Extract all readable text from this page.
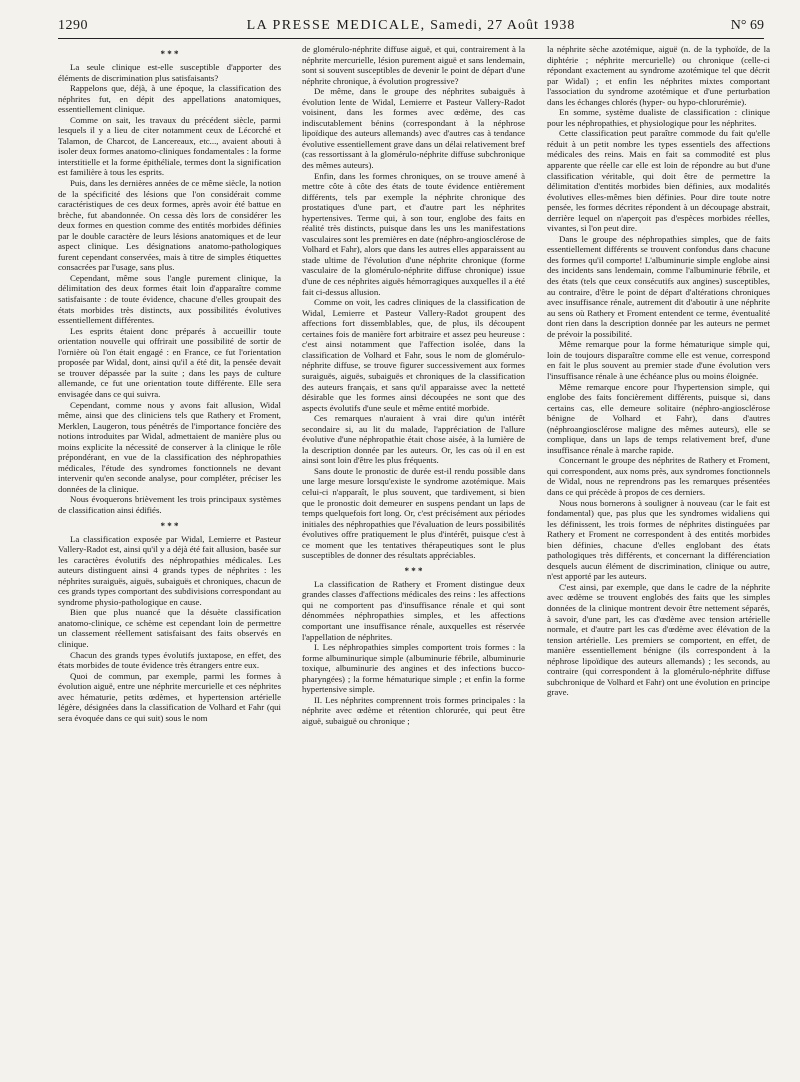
1290	LA PRESSE MEDICALE, Samedi, 27 Août 1938	N° 69
* * *

La seule clinique est-elle susceptible d'apporter des éléments de discrimination plus satisfaisants?

Rappelons que, déjà, à une époque, la classification des néphrites fut, en dépit des appellations anatomiques, essentiellement clinique.

Comme on sait, les travaux du précédent siècle, parmi lesquels il y a lieu de citer notamment ceux de Lécorché et Talamon, de Charcot, de Lancereaux, etc..., avaient abouti à isoler deux formes anatomo-cliniques fondamentales : la forme interstitielle et la forme épithéliale, termes dont la signification est familière à tous les esprits.

Puis, dans les dernières années de ce même siècle, la notion de la spécificité des lésions que l'on considérait comme caractéristiques de ces deux formes, après avoir été battue en brèche, fut abandonnée. On cessa dès lors de considérer les deux formes en question comme des entités morbides définies par le double caractère de leurs lésions anatomiques et de leur aspect clinique. Les désignations anatomo-pathologiques furent cependant conservées, mais à titre de simples étiquettes consacrées par l'usage, sans plus.

Cependant, même sous l'angle purement clinique, la délimitation des deux formes était loin d'apparaître comme satisfaisante : de toute évidence, chacune d'elles groupait des états morbides très distincts, aux possibilités évolutives essentiellement différentes.

Les esprits étaient donc préparés à accueillir toute orientation nouvelle qui offrirait une possibilité de sortir de l'ornière où l'on était engagé : en France, ce fut l'orientation proposée par Widal, dont, ainsi qu'il a été dit, la pensée devait se trouver dépassée par la suite ; dans les pays de culture allemande, ce fut une orientation toute différente. Elle sera envisagée dans ce qui suivra.

Cependant, comme nous y avons fait allusion, Widal même, ainsi que des cliniciens tels que Rathery et Froment, Merklen, Laugeron, tous pénétrés de l'importance foncière des notions introduites par Widal, admettaient de manière plus ou moins explicite la nécessité de conserver à la clinique le rôle prépondérant, en vue de la classification des néphropathies médicales, l'étude des syndromes fonctionnels ne devant intervenir qu'en seconde analyse, pour compléter, préciser les données de la clinique.

Nous évoquerons brièvement les trois principaux systèmes de classification ainsi édifiés.

* * *

La classification exposée par Widal, Lemierre et Pasteur Vallery-Radot est, ainsi qu'il y a déjà été fait allusion, basée sur les caractères évolutifs des néphropathies médicales. Les auteurs distinguent ainsi 4 grands types de néphrites : les néphrites suraiguës, aiguës, subaiguës et chroniques, chacun de ces grands types comportant des subdivisions correspondant au syndrome physio-pathologique en cause.

Bien que plus nuancé que la désuète classification anatomo-clinique, ce schème est cependant loin de permettre un classement réellement satisfaisant des faits observés en clinique.

Chacun des grands types évolutifs juxtapose, en effet, des états morbides de toute évidence très étrangers entre eux.

Quoi de commun, par exemple, parmi les formes à évolution aiguë, entre une néphrite mercurielle et ces néphrites avec hématurie, petits œdèmes, et hypertension artérielle légère, désignées dans la classification de Volhard et Fahr (qui sera évoquée dans ce qui suit) sous le nom

de glomérulo-néphrite diffuse aiguë, et qui, contrairement à la néphrite mercurielle, lésion purement aiguë et sans lendemain, sont si souvent susceptibles de devenir le point de départ d'une néphrite chronique, à évolution progressive?

De même, dans le groupe des néphrites subaiguës à évolution lente de Widal, Lemierre et Pasteur Vallery-Radot voisinent, dans les formes avec œdème, des cas indiscutablement bénins (correspondant à la néphrose lipoïdique des auteurs allemands) avec d'autres cas à tendance évolutive essentiellement grave dans un délai relativement bref (cas ressortissant à la glomérulo-néphrite diffuse subchronique des mêmes auteurs).

Enfin, dans les formes chroniques, on se trouve amené à mettre côte à côte des états de toute évidence entièrement différents, tels par exemple la néphrite chronique des prostatiques d'une part, et d'autre part les néphrites hypertensives. Terme qui, à son tour, englobe des faits en réalité très distincts, puisque dans les uns les manifestations vasculaires sont les premières en date (néphro-angiosclérose de Volhard et Fahr), alors que dans les autres elles apparaissent au stade ultime de l'évolution d'une néphrite chronique (forme vasculaire de la glomérulo-néphrite diffuse chronique) issue d'une de ces néphrites aiguës hémorragiques auxquelles il a été fait ci-dessus allusion.

Comme on voit, les cadres cliniques de la classification de Widal, Lemierre et Pasteur Vallery-Radot groupent des affections fort dissemblables, que, de plus, ils découpent certaines fois de manière fort arbitraire et assez peu heureuse : c'est ainsi notamment que l'affection isolée, dans la classification de Volhard et Fahr, sous le nom de glomérulo-néphrite diffuse, se trouve figurer successivement aux formes suraiguës, aiguës, subaiguës et chroniques de la classification des auteurs français, et sans qu'il apparaisse avec la netteté désirable que les formes ainsi découpées ne sont que des aspects évolutifs d'une seule et même entité morbide.

Ces remarques n'auraient à vrai dire qu'un intérêt secondaire si, au lit du malade, l'appréciation de l'allure évolutive d'une néphropathie était chose aisée, à la lumière de la description donnée par les auteurs. Or, les cas où il en est ainsi sont loin d'être les plus fréquents.

Sans doute le pronostic de durée est-il rendu possible dans une large mesure lorsqu'existe le syndrome azotémique. Mais celui-ci n'apparaît, le plus souvent, que tardivement, si bien que le pronostic doit demeurer en suspens pendant un laps de temps quelquefois fort long. Or, c'est précisément aux périodes initiales des néphropathies que l'évaluation de leurs possibilités évolutives offre pratiquement le plus d'intérêt, puisque c'est à ce moment que les tentatives thérapeutiques sont le plus susceptibles de donner des résultats appréciables.

* * *

La classification de Rathery et Froment distingue deux grandes classes d'affections médicales des reins : les affections qui ne comportent pas d'insuffisance rénale et qui sont dénommées néphropathies simples, et les affections comportant une insuffisance rénale, auxquelles est réservée l'appellation de néphrites.

I. Les néphropathies simples comportent trois formes : la forme albuminurique simple (albuminurie fébrile, albuminurie toxique, albuminurie des angines et des infections bucco-pharyngées) ; la forme hématurique simple ; et enfin la forme hypertensive simple.

II. Les néphrites comprennent trois formes principales : la néphrite avec œdème et rétention chlorurée, qui peut être aiguë, subaiguë ou chronique ;

la néphrite sèche azotémique, aiguë (n. de la typhoïde, de la diphtérie ; néphrite mercurielle) ou chronique (celle-ci répondant exactement au syndrome azotémique tel que décrit par Widal) ; et enfin les néphrites mixtes comportant l'association du syndrome azotémique et d'une perturbation dans les échanges chlorés (hyper- ou hypo-chlorurémie).

En somme, système dualiste de classification : clinique pour les néphropathies, et physiologique pour les néphrites.

Cette classification peut paraître commode du fait qu'elle réduit à un petit nombre les types essentiels des affections médicales des reins. Mais en fait sa commodité est plus apparente que réelle car elle est loin de répondre au but d'une classification véritable, qui doit être de permettre la délimitation d'entités morbides bien définies, aux modalités évolutives elles-mêmes bien définies. Pour dire toute notre pensée, les formes décrites répondent à un découpage abstrait, derrière lequel on n'aperçoit pas d'espèces morbides réelles, vivantes, si l'on peut dire.

Dans le groupe des néphropathies simples, que de faits essentiellement différents se trouvent confondus dans chacune des formes qu'il comporte! L'albuminurie simple englobe ainsi des incidents sans lendemain, comme l'albuminurie fébrile, et des états (tels que ceux consécutifs aux angines) susceptibles, au contraire, d'être le point de départ d'altérations chroniques avec insuffisance rénale, autrement dit d'aboutir à une néphrite au sens où Rathery et Froment entendent ce terme, éventualité dont rien dans la description donnée par les auteurs ne permet de prévoir la possibilité.

Même remarque pour la forme hématurique simple qui, loin de toujours disparaître comme elle est venue, correspond en fait le plus souvent au premier stade d'une évolution vers l'insuffisance rénale à une échéance plus ou moins éloignée.

Même remarque encore pour l'hypertension simple, qui englobe des faits foncièrement différents, puisque si, dans certains cas, elle demeure solitaire (néphro-angiosclérose bénigne de Volhard et Fahr), dans d'autres (néphroangiosclérose maligne des mêmes auteurs), elle se complique, dans un laps de temps relativement bref, d'une insuffisance rénale à marche rapide.

Concernant le groupe des néphrites de Rathery et Froment, qui correspondent, aux noms près, aux syndromes fonctionnels de Widal, nous ne reprendrons pas les remarques présentées dans ce qui précède à propos de ces derniers.

Nous nous bornerons à souligner à nouveau (car le fait est fondamental) que, pas plus que les syndromes widaliens qui les définissent, les trois formes de néphrites distinguées par Rathery et Froment ne correspondent à des entités morbides bien définies, chacune d'elles englobant des états pathologiques très différents, et concernant la différenciation desquels aucun élément de discrimination, clinique ou autre, n'est apporté par les auteurs.

C'est ainsi, par exemple, que dans le cadre de la néphrite avec œdème se trouvent englobés des faits que les simples données de la clinique montrent devoir être nettement séparés, à savoir, d'une part, les cas d'œdème avec tension artérielle normale, et d'autre part les cas d'œdème avec élévation de la tension artérielle. Les premiers se comportent, en effet, de manière essentiellement bénigne (ils correspondent à la néphrose lipoïdique des auteurs allemands) ; les seconds, au contraire (qui correspondent à la glomérulo-néphrite diffuse subchronique de Volhard et Fahr) ont une évolution en principe grave.
